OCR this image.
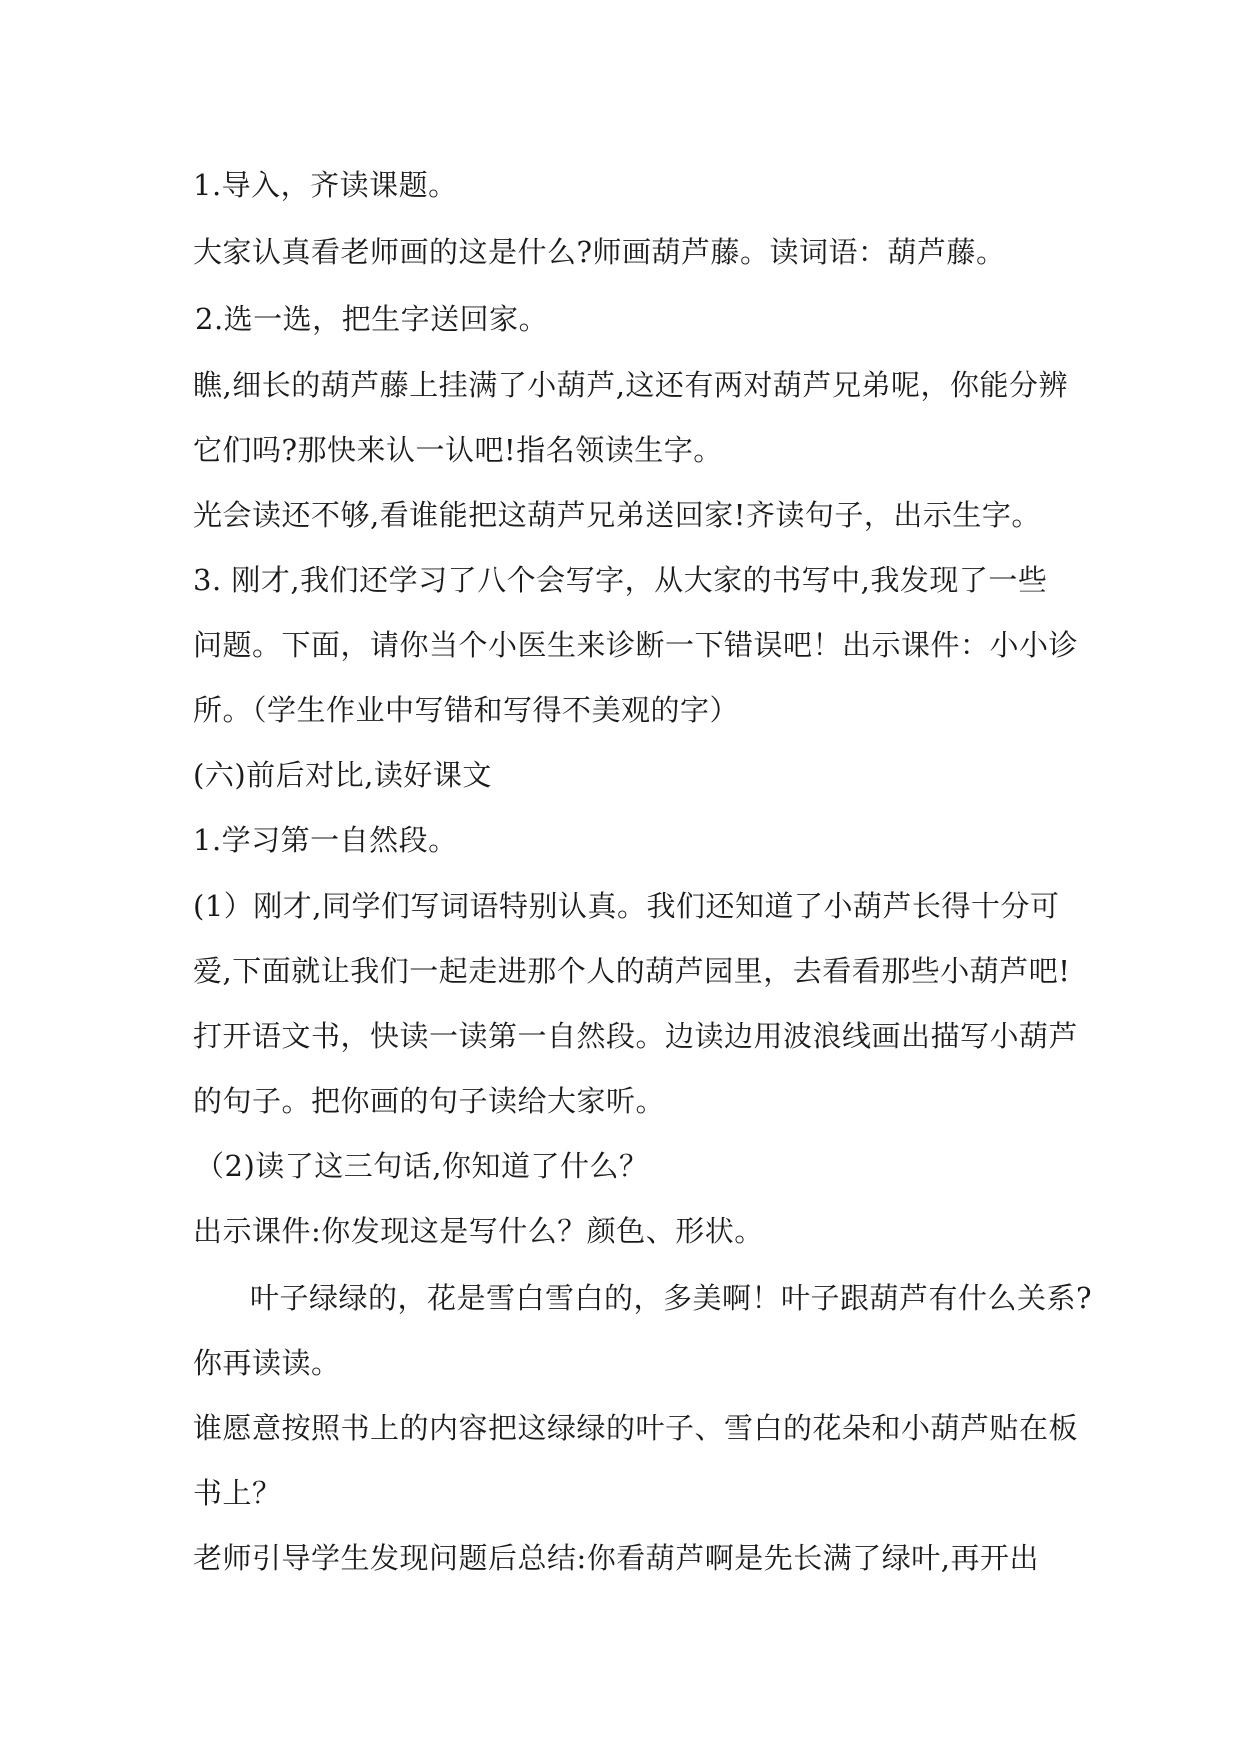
1.导入，齐读课题。
大家认真看老师画的这是什么?师画葫芦藤。读词语：葫芦藤。
2.选一选，把生字送回家。
瞧,细长的葫芦藤上挂满了小葫芦,这还有两对葫芦兄弟呢，你能分辨
它们吗?那快来认一认吧!指名领读生字。
光会读还不够,看谁能把这葫芦兄弟送回家!齐读句子，出示生字。
3. 刚才,我们还学习了八个会写字，从大家的书写中,我发现了一些
问题。下面，请你当个小医生来诊断一下错误吧！出示课件：小小诊
所。（学生作业中写错和写得不美观的字）
(六)前后对比,读好课文
1.学习第一自然段。
(1）刚才,同学们写词语特别认真。我们还知道了小葫芦长得十分可
爱,下面就让我们一起走进那个人的葫芦园里，去看看那些小葫芦吧!
打开语文书，快读一读第一自然段。边读边用波浪线画出描写小葫芦
的句子。把你画的句子读给大家听。
（2)读了这三句话,你知道了什么？
出示课件:你发现这是写什么？颜色、形状。
叶子绿绿的，花是雪白雪白的，多美啊！叶子跟葫芦有什么关系?
你再读读。
谁愿意按照书上的内容把这绿绿的叶子、雪白的花朵和小葫芦贴在板
书上？
老师引导学生发现问题后总结:你看葫芦啊是先长满了绿叶,再开出
